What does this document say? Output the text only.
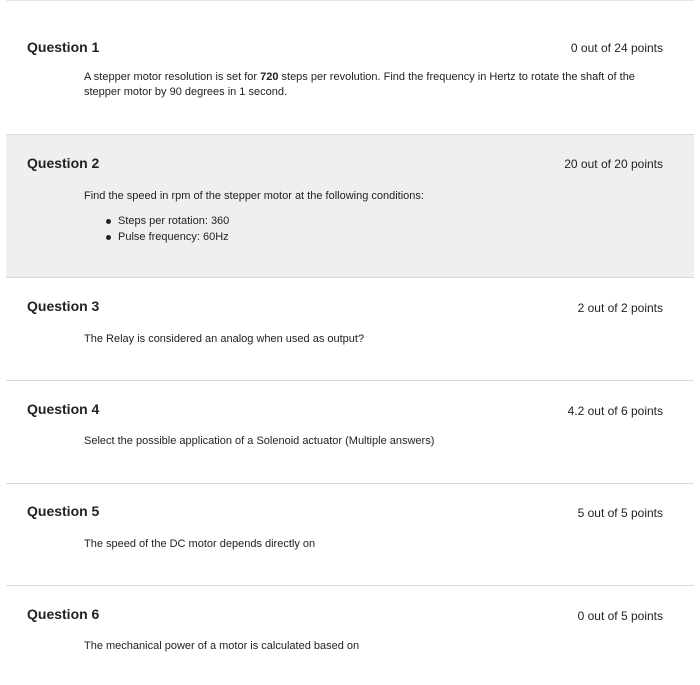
Question 1	0 out of 24 points

A stepper motor resolution is set for 720 steps per revolution. Find the frequency in Hertz to rotate the shaft of the stepper motor by 90 degrees in 1 second.

Question 2	20 out of 20 points

Find the speed in rpm of the stepper motor at the following conditions:

Steps per rotation: 360
Pulse frequency: 60Hz
Question 3	2 out of 2 points

The Relay is considered an analog when used as output?

Question 4	4.2 out of 6 points

Select the possible application of a Solenoid actuator (Multiple answers)

Question 5	5 out of 5 points

The speed of the DC motor depends directly on

Question 6	0 out of 5 points

The mechanical power of a motor is calculated based on
